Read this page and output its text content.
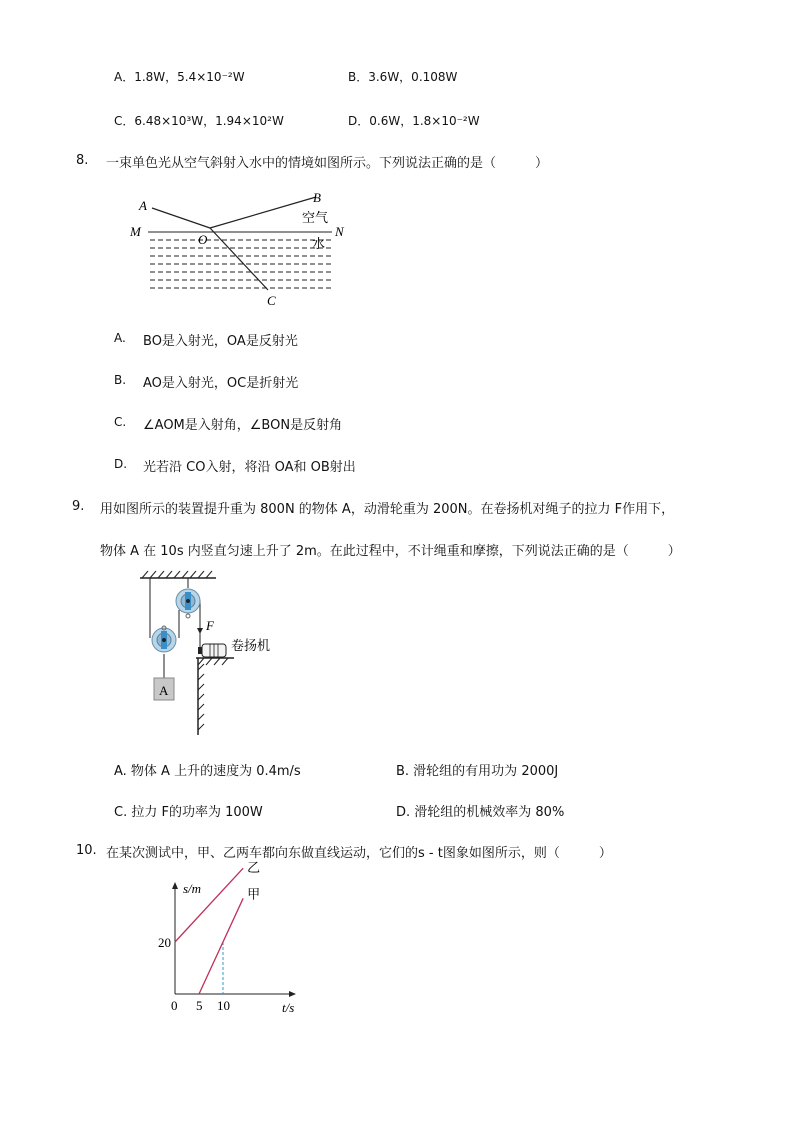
A．1.8W，5.4×10⁻²W	B．3.6W，0.108W
C．6.48×10³W，1.94×10²W	D．0.6W，1.8×10⁻²W
8. 一束单色光从空气斜射入水中的情境如图所示。下列说法正确的是（　　　）
A
B
M	N
O
C
空气
水
A. BO是入射光，OA是反射光
B. AO是入射光，OC是折射光
C. ∠AOM是入射角，∠BON是反射角
D. 光若沿 CO入射，将沿 OA和 OB射出
9. 用如图所示的装置提升重为 800N 的物体 A，动滑轮重为 200N。在卷扬机对绳子的拉力 F作用下，
物体 A 在 10s 内竖直匀速上升了 2m。在此过程中，不计绳重和摩擦，下列说法正确的是（　　　）
A
F
卷扬机
A. 物体 A 上升的速度为 0.4m/s	B. 滑轮组的有用功为 2000J
C. 拉力 F的功率为 100W	D. 滑轮组的机械效率为 80%
10. 在某次测试中，甲、乙两车都向东做直线运动，它们的s - t图象如图所示，则（　　　）
s/m
t/s
甲
乙
0 5 10
20
